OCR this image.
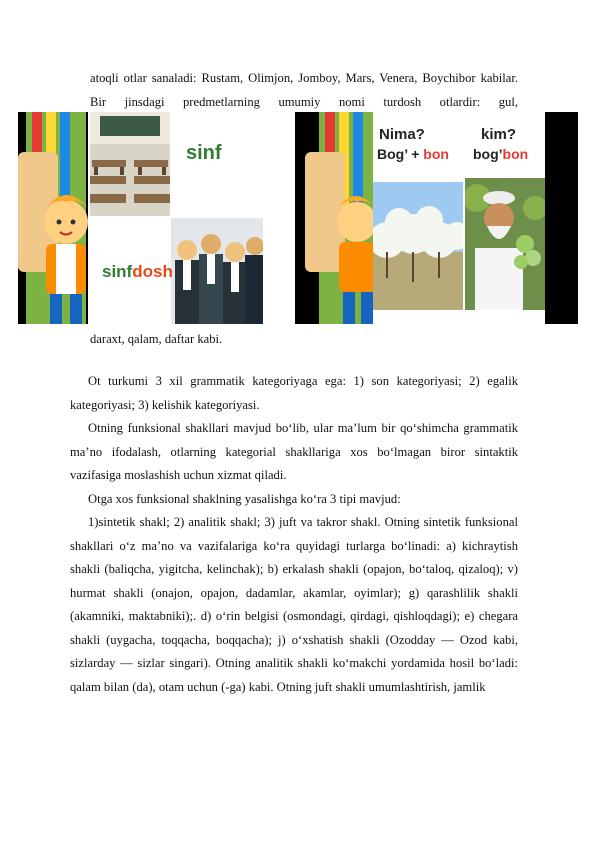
atoqli otlar sanaladi: Rustam, Olimjon, Jomboy, Mars, Venera, Boychibor kabilar. Bir jinsdagi predmetlarning umumiy nomi turdosh otlardir: gul,

sinf
sinfdosh
Nima?	kim?
Bog’ + bon bog’bon

daraxt, qalam, daftar kabi.

Ot turkumi 3 xil grammatik kategoriyaga ega: 1) son kategoriyasi; 2) egalik kategoriyasi; 3) kelishik kategoriyasi.
Otning funksional shakllari mavjud bo‘lib, ular ma’lum bir qo‘shimcha grammatik ma’no ifodalash, otlarning kategorial shakllariga xos bo‘lmagan biror sintaktik vazifasiga moslashish uchun xizmat qiladi.
Otga xos funksional shaklning yasalishga ko‘ra 3 tipi mavjud:
1)sintetik shakl; 2) analitik shakl; 3) juft va takror shakl. Otning sintetik funksional shakllari o‘z ma’no va vazifalariga ko‘ra quyidagi turlarga bo‘linadi: a) kichraytish shakli (baliqcha, yigitcha, kelinchak); b) erkalash shakli (opajon, bo‘taloq, qizaloq); v) hurmat shakli (onajon, opajon, dadamlar, akamlar, oyimlar); g) qarashlilik shakli (akamniki, maktabniki);. d) o‘rin belgisi (osmondagi, qirdagi, qishloqdagi); e) chegara shakli (uygacha, toqqacha, boqqacha); j) o‘xshatish shakli (Ozodday — Ozod kabi, sizlarday — sizlar singari). Otning analitik shakli ko‘makchi yordamida hosil bo‘ladi: qalam bilan (da), otam uchun (-ga) kabi. Otning juft shakli umumlashtirish, jamlik
